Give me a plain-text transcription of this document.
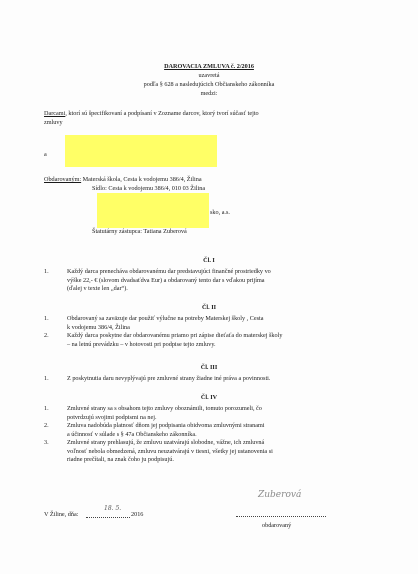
DAROVACIA ZMLUVA č. 2/2016
uzavretá
podľa § 628 a nasledujúcich Občianskeho zákonníka
medzi:
Darcami, ktorí sú špecifikovaní a podpísaní v Zozname darcov, ktorý tvorí súčasť tejto
zmluvy
a
Obdarovaným: Materská škola, Cesta k vodojemu 386/4, Žilina
Sídlo: Cesta k vodojemu 386/4, 010 03 Žilina
sko, a.s.
Štatutárny zástupca: Tatiana Zuberová
Čl. I
1.	Každý darca prenecháva obdarovanému dar predstavujúci finančné prostriedky vo
výške 22,- € (slovom dvadsaťdva Eur) a obdarovaný tento dar s vďakou prijíma
(ďalej v texte len „dar“).
Čl. II
1.	Obdarovaný sa zaväzuje dar použiť výlučne na potreby Materskej školy , Cesta
k vodojemu 386/4, Žilina
2.	Každý darca poskytne dar obdarovanému priamo pri zápise dieťaťa do materskej školy
– na letnú prevádzku – v hotovosti pri podpise tejto zmluvy.
Čl. III
1.	Z poskytnutia daru nevyplývajú pre zmluvné strany žiadne iné práva a povinnosti.
Čl. IV
1.	Zmluvné strany sa s obsahom tejto zmluvy oboznámili, tomuto porozumeli, čo
potvrdzujú svojimi podpismi na nej.
2.	Zmluva nadobúda platnosť dňom jej podpisania obidvoma zmluvnými stranami
a účinnosť v súlade s § 47a Občianskeho zákonníka.
3.	Zmluvné strany prehlasujú, že zmluvu uzatvárajú slobodne, vážne, ich zmluvná
voľnosť nebola obmedzená, zmluvu neuzatvárajú v tiesni, všetky jej ustanovenia si
riadne prečítali, na znak čoho ju podpisujú.
V Žiline, dňa:
18. 5.
2016
Zuberová
obdarovaný
